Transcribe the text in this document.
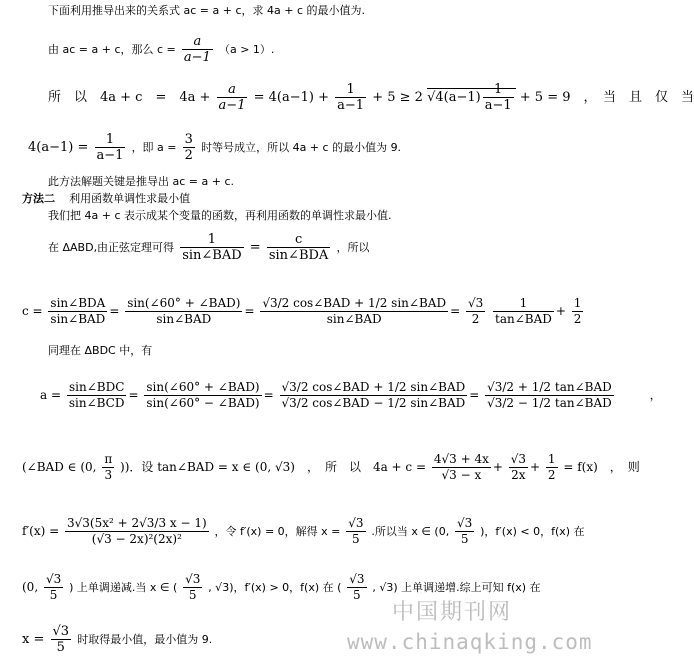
下面利用推导出来的关系式 ac = a + c，求 4a + c 的最小值为.
由 ac = a + c，那么 $c = \frac{a}{a-1} (a > 1)$.
所　以　4a + c　=　$4a + \frac{a}{a-1} = 4(a-1) + \frac{1}{a-1} + 5 \ge 2$ $√4(a-1) \frac{1}{a-1} + 5 = 9$　，　当　且　仅　当
$4(a-1) = \frac{1}{a-1}$ ，即 $a = \frac{3}{2}$ 时等号成立，所以 4a + c 的最小值为 9.
此方法解题关键是推导出 ac = a + c.
方法二 利用函数单调性求最小值
我们把 4a + c 表示成某个变量的函数，再利用函数的单调性求最小值.
在 ΔABD,由正弦定理可得 $\frac{1}{\text{sin∠BAD}} = \frac{c}{\text{sin∠BDA}}$ ，所以
$c = \frac{\text{sin∠BDA}}{\text{sin∠BAD}} = \frac{\text{sin(∠60° + ∠BAD)}}{\text{sin∠BAD}} = \frac{\text{√3/2 cos∠BAD + 1/2 sin∠BAD}}{\text{sin∠BAD}} = \frac{√3}{2}$
$\frac{1}{\text{tan∠BAD}} + \frac{1}{2}$
同理在 ΔBDC 中，有
$a = \frac{\text{sin∠BDC}}{\text{sin∠BCD}} = \frac{\text{sin(∠60° + ∠BAD)}}{\text{sin(∠60° − ∠BAD)}} = \frac{\text{√3/2 cos∠BAD + 1/2 sin∠BAD}}{\text{√3/2 cos∠BAD − 1/2 sin∠BAD}} = \frac{\text{√3/2 + 1/2 tan∠BAD}}{\text{√3/2 − 1/2 tan∠BAD}}$	，
(∠BAD ∈ (0, $\frac{\pi}{3}$ ))．设 tan∠BAD = x ∈ (0, √3)　，　所　以　$4a + c = \frac{4√3 + 4x}{√3 - x} + \frac{√3}{2x} + \frac{1}{2} = f(x)$　，　则
$f'(x) = \frac{\text{3√3(5x² + 2√3/3 x − 1)}}{\text{(√3 − 2x)²(2x)²}}$ ，令 f′(x) = 0，解得 $x = \frac{√3}{5}$ .所以当 x ∈ (0, $\frac{√3}{5}$ )，f′(x) < 0，f(x) 在
(0, $\frac{√3}{5}$ ) 上单调递减.当 x ∈ ( $\frac{√3}{5}$ , √3)，f′(x) > 0，f(x) 在 ( $\frac{√3}{5}$ , √3) 上单调递增.综上可知 f(x) 在
$x = \frac{√3}{5}$ 时取得最小值，最小值为 9.
中国期刊网
www.chinaqking.com
